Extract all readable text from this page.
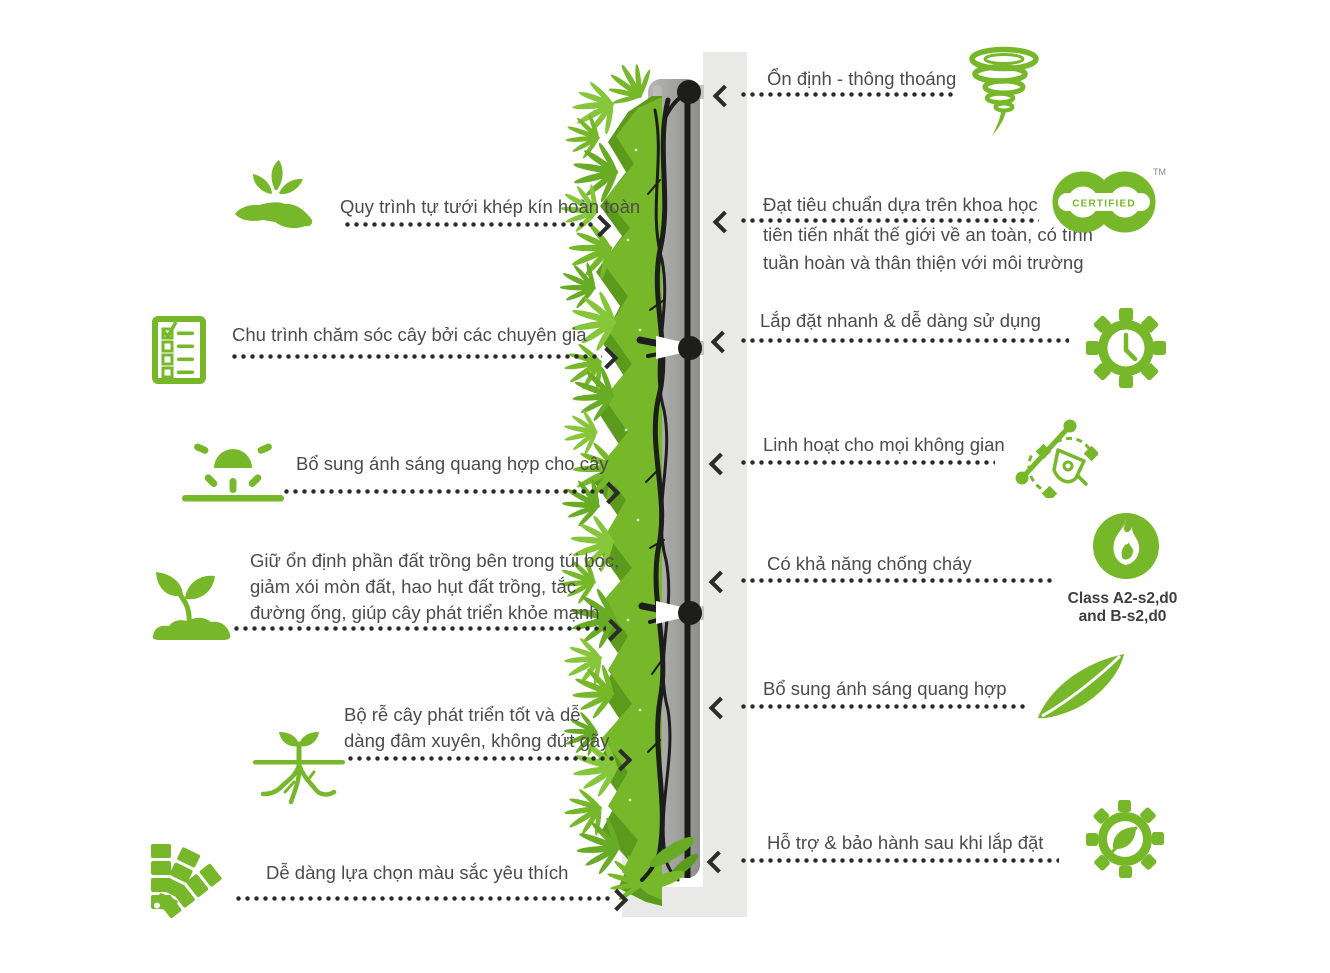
Quy trình tự tưới khép kín hoàn toàn
Chu trình chăm sóc cây bởi các chuyên gia
Bổ sung ánh sáng quang hợp cho cây
Giữ ổn định phần đất trồng bên trong túi bọc,
giảm xói mòn đất, hao hụt đất trồng, tắc
đường ống, giúp cây phát triển khỏe mạnh
Bộ rễ cây phát triển tốt và dễ
dàng đâm xuyên, không đứt gãy
Dễ dàng lựa chọn màu sắc yêu thích
Ổn định - thông thoáng
Đạt tiêu chuẩn dựa trên khoa học
tiên tiến nhất thế giới về an toàn, có tính
tuần hoàn và thân thiện với môi trường
CERTIFIED
TM
Lắp đặt nhanh & dễ dàng sử dụng
Linh hoạt cho mọi không gian
Có khả năng chống cháy
Class A2-s2,d0
and B-s2,d0
Bổ sung ánh sáng quang hợp
Hỗ trợ & bảo hành sau khi lắp đặt
